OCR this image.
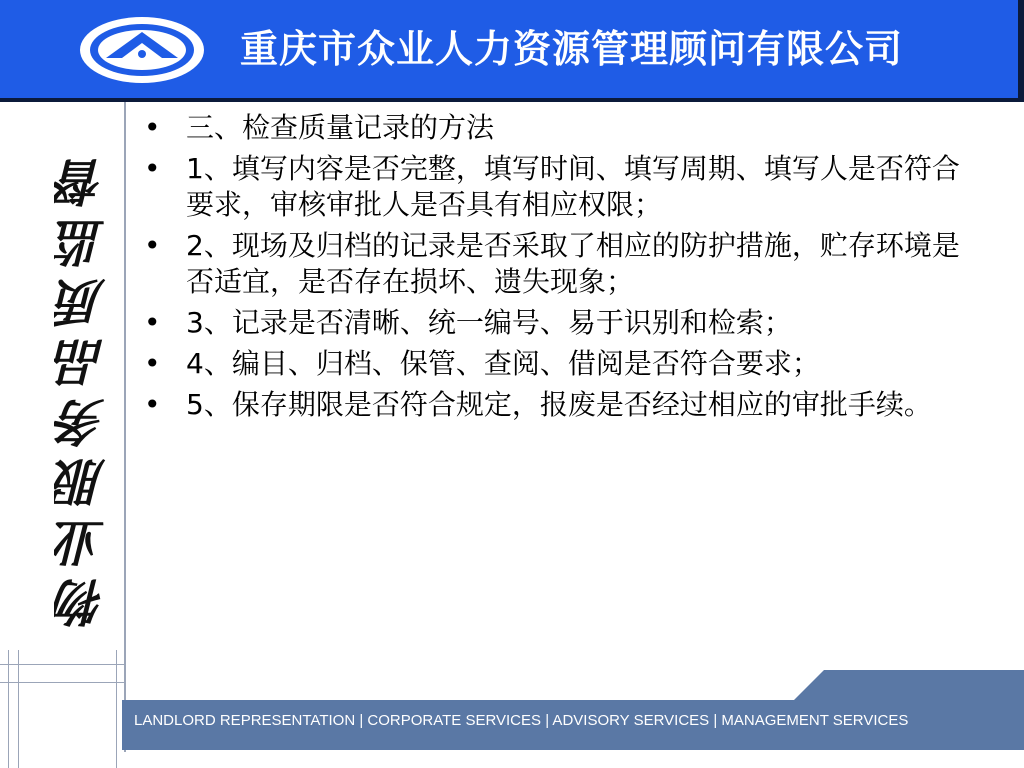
重庆市众业人力资源管理顾问有限公司
物业服务品质监督
• 三、检查质量记录的方法
• 1、填写内容是否完整，填写时间、填写周期、填写人是否符合要求，审核审批人是否具有相应权限；
• 2、现场及归档的记录是否采取了相应的防护措施，贮存环境是否适宜，是否存在损坏、遗失现象；
• 3、记录是否清晰、统一编号、易于识别和检索；
• 4、编目、归档、保管、查阅、借阅是否符合要求；
• 5、保存期限是否符合规定，报废是否经过相应的审批手续。
LANDLORD REPRESENTATION | CORPORATE SERVICES | ADVISORY SERVICES | MANAGEMENT SERVICES
